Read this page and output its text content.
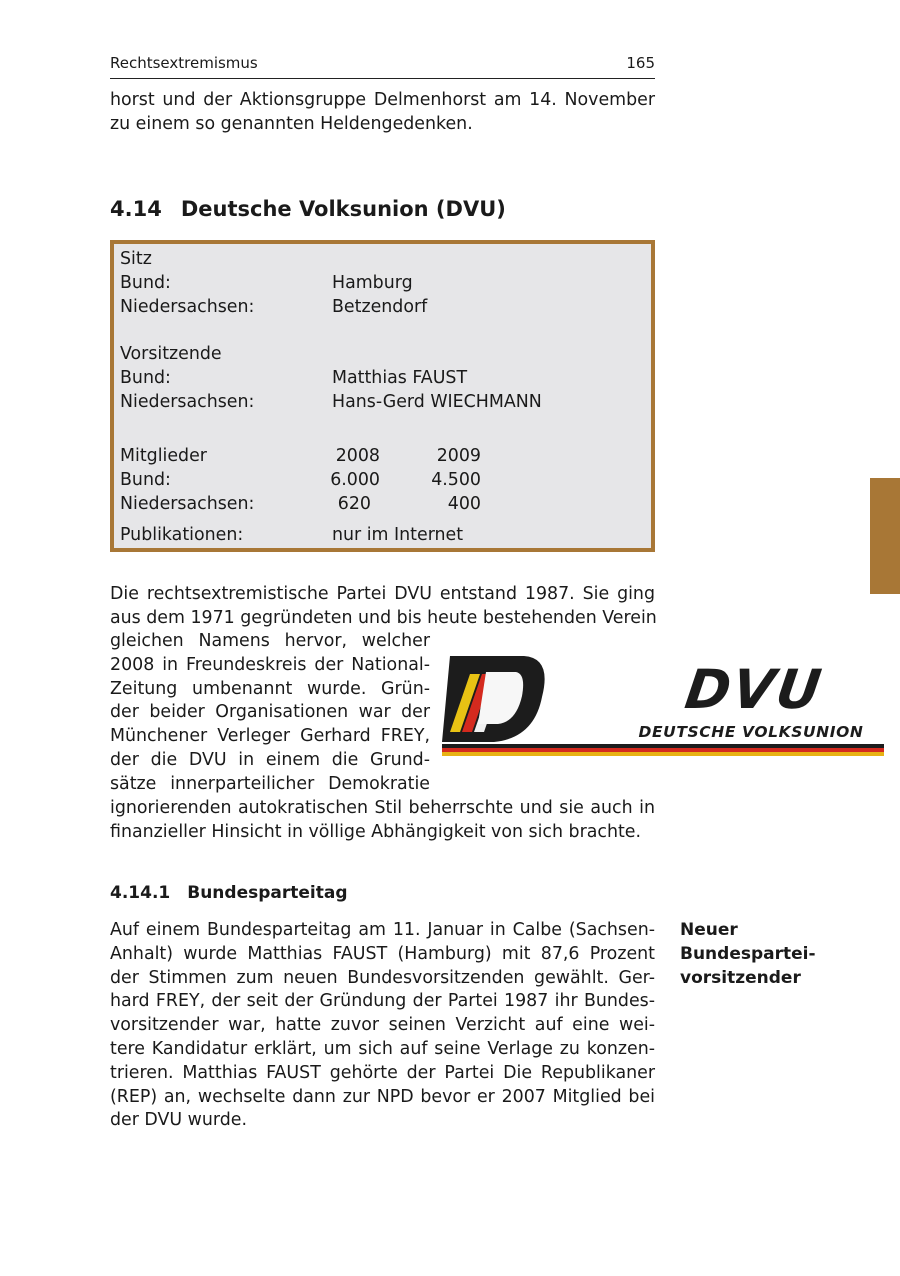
Rechtsextremismus	165
horst und der Aktionsgruppe Delmenhorst am 14. November
zu einem so genannten Heldengedenken.
4.14 Deutsche Volksunion (DVU)
Sitz
Bund:	Hamburg
Niedersachsen:	Betzendorf
Vorsitzende
Bund:	Matthias FAUST
Niedersachsen:	Hans-Gerd WIECHMANN
Mitglieder	2008	2009
Bund:	6.000	4.500
Niedersachsen:	620	400
Publikationen:	nur im Internet
Die rechtsextremistische Partei DVU entstand 1987. Sie ging
aus dem 1971 gegründeten und bis heute bestehenden Verein
gleichen Namens hervor, welcher
2008 in Freundeskreis der National-
Zeitung umbenannt wurde. Grün-
der beider Organisationen war der
Münchener Verleger Gerhard FREY,
der die DVU in einem die Grund-
sätze innerparteilicher Demokratie
ignorierenden autokratischen Stil beherrschte und sie auch in
finanzieller Hinsicht in völlige Abhängigkeit von sich brachte.
DVU
DEUTSCHE VOLKSUNION
4.14.1 Bundesparteitag
Auf einem Bundesparteitag am 11. Januar in Calbe (Sachsen-
Anhalt) wurde Matthias FAUST (Hamburg) mit 87,6 Prozent
der Stimmen zum neuen Bundesvorsitzenden gewählt. Ger-
hard FREY, der seit der Gründung der Partei 1987 ihr Bundes-
vorsitzender war, hatte zuvor seinen Verzicht auf eine wei-
tere Kandidatur erklärt, um sich auf seine Verlage zu konzen-
trieren. Matthias FAUST gehörte der Partei Die Republikaner
(REP) an, wechselte dann zur NPD bevor er 2007 Mitglied bei
der DVU wurde.
Neuer
Bundespartei-
vorsitzender
